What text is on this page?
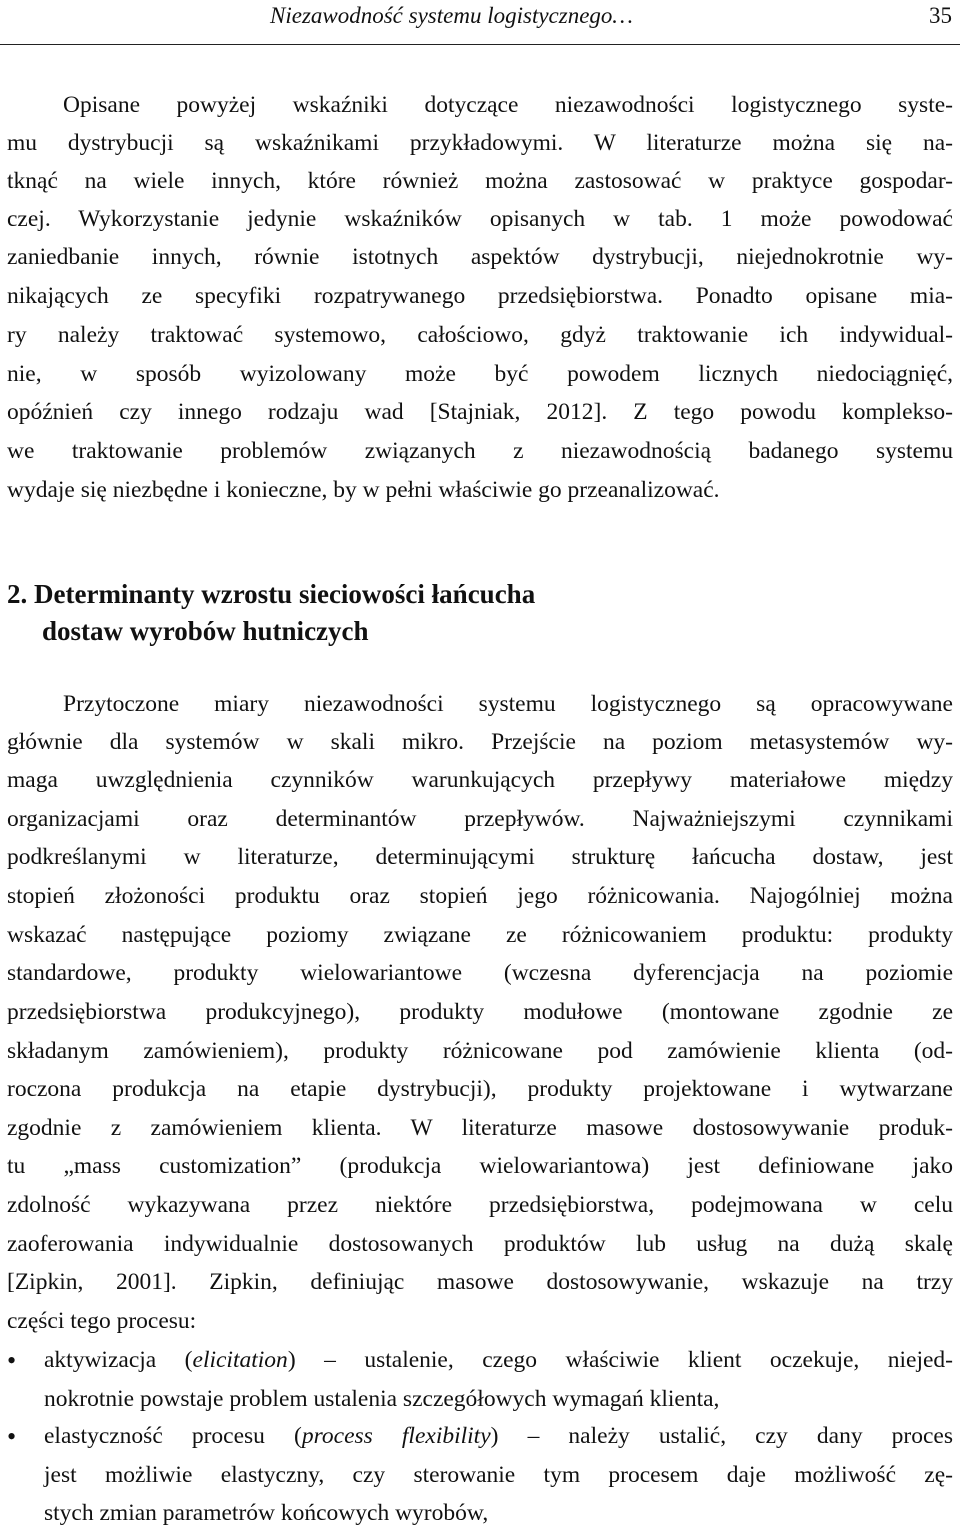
Niezawodność systemu logistycznego…	35
Opisane powyżej wskaźniki dotyczące niezawodności logistycznego syste-
mu dystrybucji są wskaźnikami przykładowymi. W literaturze można się na-
tknąć na wiele innych, które również można zastosować w praktyce gospodar-
czej. Wykorzystanie jedynie wskaźników opisanych w tab. 1 może powodować
zaniedbanie innych, równie istotnych aspektów dystrybucji, niejednokrotnie wy-
nikających ze specyfiki rozpatrywanego przedsiębiorstwa. Ponadto opisane mia-
ry należy traktować systemowo, całościowo, gdyż traktowanie ich indywidual-
nie, w sposób wyizolowany może być powodem licznych niedociągnięć,
opóźnień czy innego rodzaju wad [Stajniak, 2012]. Z tego powodu komplekso-
we traktowanie problemów związanych z niezawodnością badanego systemu
wydaje się niezbędne i konieczne, by w pełni właściwie go przeanalizować.
2. Determinanty wzrostu sieciowości łańcucha
dostaw wyrobów hutniczych
Przytoczone miary niezawodności systemu logistycznego są opracowywane
głównie dla systemów w skali mikro. Przejście na poziom metasystemów wy-
maga uwzględnienia czynników warunkujących przepływy materiałowe między
organizacjami oraz determinantów przepływów. Najważniejszymi czynnikami
podkreślanymi w literaturze, determinującymi strukturę łańcucha dostaw, jest
stopień złożoności produktu oraz stopień jego różnicowania. Najogólniej można
wskazać następujące poziomy związane ze różnicowaniem produktu: produkty
standardowe, produkty wielowariantowe (wczesna dyferencjacja na poziomie
przedsiębiorstwa produkcyjnego), produkty modułowe (montowane zgodnie ze
składanym zamówieniem), produkty różnicowane pod zamówienie klienta (od-
roczona produkcja na etapie dystrybucji), produkty projektowane i wytwarzane
zgodnie z zamówieniem klienta. W literaturze masowe dostosowywanie produk-
tu „mass customization” (produkcja wielowariantowa) jest definiowane jako
zdolność wykazywana przez niektóre przedsiębiorstwa, podejmowana w celu
zaoferowania indywidualnie dostosowanych produktów lub usług na dużą skalę
[Zipkin, 2001]. Zipkin, definiując masowe dostosowywanie, wskazuje na trzy
części tego procesu:
• aktywizacja (elicitation) – ustalenie, czego właściwie klient oczekuje, niejed-
nokrotnie powstaje problem ustalenia szczegółowych wymagań klienta,
• elastyczność procesu (process flexibility) – należy ustalić, czy dany proces
jest możliwie elastyczny, czy sterowanie tym procesem daje możliwość zę-
stych zmian parametrów końcowych wyrobów,
